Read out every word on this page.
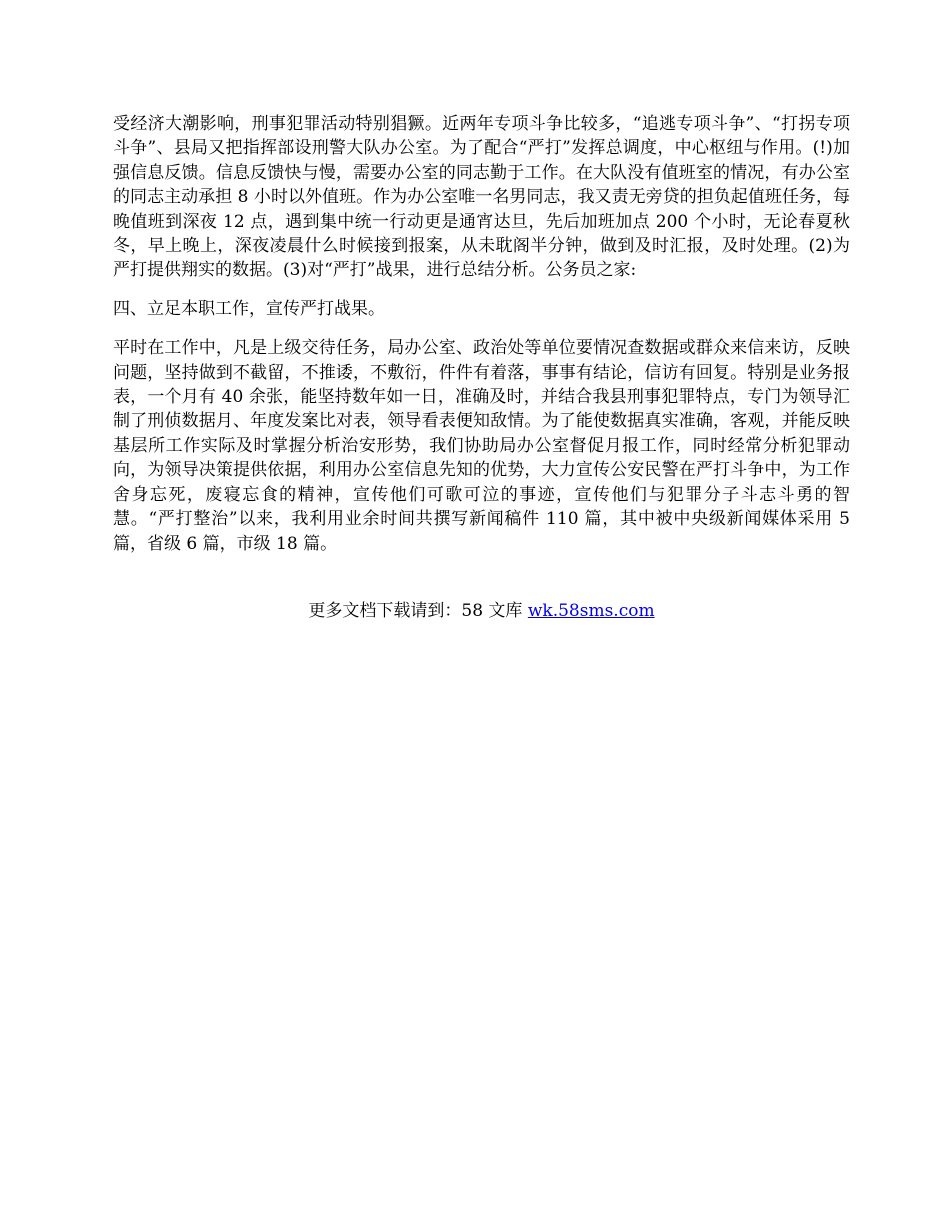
受经济大潮影响，刑事犯罪活动特别猖獗。近两年专项斗争比较多，“追逃专项斗争”、“打拐专项斗争”、县局又把指挥部设刑警大队办公室。为了配合“严打”发挥总调度，中心枢纽与作用。(!)加强信息反馈。信息反馈快与慢，需要办公室的同志勤于工作。在大队没有值班室的情况，有办公室的同志主动承担 8 小时以外值班。作为办公室唯一名男同志，我又责无旁贷的担负起值班任务，每晚值班到深夜 12 点，遇到集中统一行动更是通宵达旦，先后加班加点 200 个小时，无论春夏秋冬，早上晚上，深夜凌晨什么时候接到报案，从未耽阁半分钟，做到及时汇报，及时处理。(2)为严打提供翔实的数据。(3)对“严打”战果，进行总结分析。公务员之家:

四、立足本职工作，宣传严打战果。

平时在工作中，凡是上级交待任务，局办公室、政治处等单位要情况查数据或群众来信来访，反映问题，坚持做到不截留，不推诿，不敷衍，件件有着落，事事有结论，信访有回复。特别是业务报表，一个月有 40 余张，能坚持数年如一日，准确及时，并结合我县刑事犯罪特点，专门为领导汇制了刑侦数据月、年度发案比对表，领导看表便知敌情。为了能使数据真实准确，客观，并能反映基层所工作实际及时掌握分析治安形势，我们协助局办公室督促月报工作，同时经常分析犯罪动向，为领导决策提供依据，利用办公室信息先知的优势，大力宣传公安民警在严打斗争中，为工作舍身忘死，废寝忘食的精神，宣传他们可歌可泣的事迹，宣传他们与犯罪分子斗志斗勇的智慧。“严打整治”以来，我利用业余时间共撰写新闻稿件 110 篇，其中被中央级新闻媒体采用 5 篇，省级 6 篇，市级 18 篇。

更多文档下载请到：58 文库 wk.58sms.com
